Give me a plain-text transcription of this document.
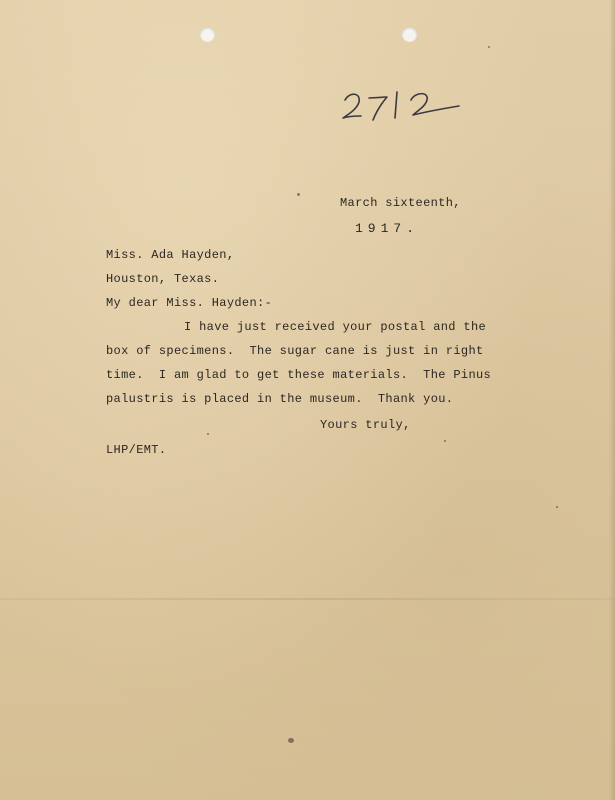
March sixteenth,
1917.
Miss. Ada Hayden,
Houston, Texas.
My dear Miss. Hayden:-
I have just received your postal and the
box of specimens.  The sugar cane is just in right
time.  I am glad to get these materials.  The Pinus
palustris is placed in the museum.  Thank you.
Yours truly,
LHP/EMT.
